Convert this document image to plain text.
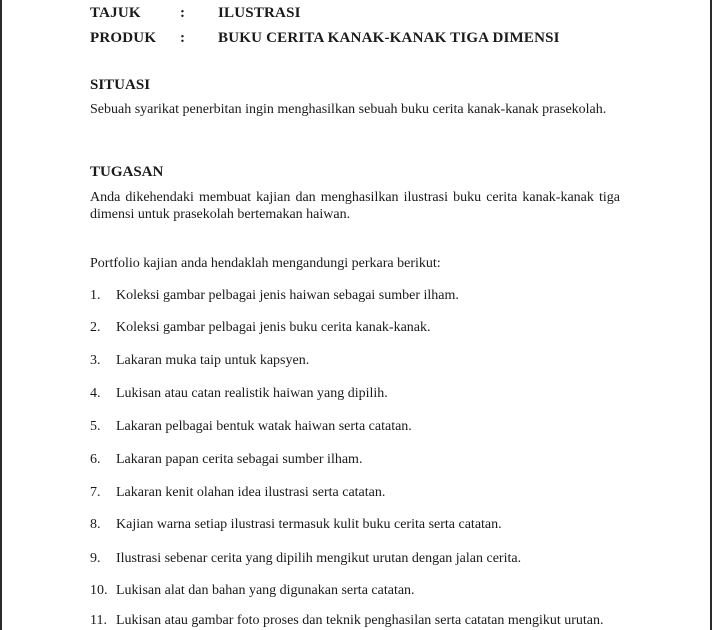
TAJUK	: ILUSTRASI
PRODUK : BUKU CERITA KANAK-KANAK TIGA DIMENSI
SITUASI
Sebuah syarikat penerbitan ingin menghasilkan sebuah buku cerita kanak-kanak prasekolah.
TUGASAN
Anda dikehendaki membuat kajian dan menghasilkan ilustrasi buku cerita kanak-kanak tiga dimensi untuk prasekolah bertemakan haiwan.
Portfolio kajian anda hendaklah mengandungi perkara berikut:
1. Koleksi gambar pelbagai jenis haiwan sebagai sumber ilham.
2. Koleksi gambar pelbagai jenis buku cerita kanak-kanak.
3. Lakaran muka taip untuk kapsyen.
4. Lukisan atau catan realistik haiwan yang dipilih.
5. Lakaran pelbagai bentuk watak haiwan serta catatan.
6. Lakaran papan cerita sebagai sumber ilham.
7. Lakaran kenit olahan idea ilustrasi serta catatan.
8. Kajian warna setiap ilustrasi termasuk kulit buku cerita serta catatan.
9. Ilustrasi sebenar cerita yang dipilih mengikut urutan dengan jalan cerita.
10. Lukisan alat dan bahan yang digunakan serta catatan.
11. Lukisan atau gambar foto proses dan teknik penghasilan serta catatan mengikut urutan.
